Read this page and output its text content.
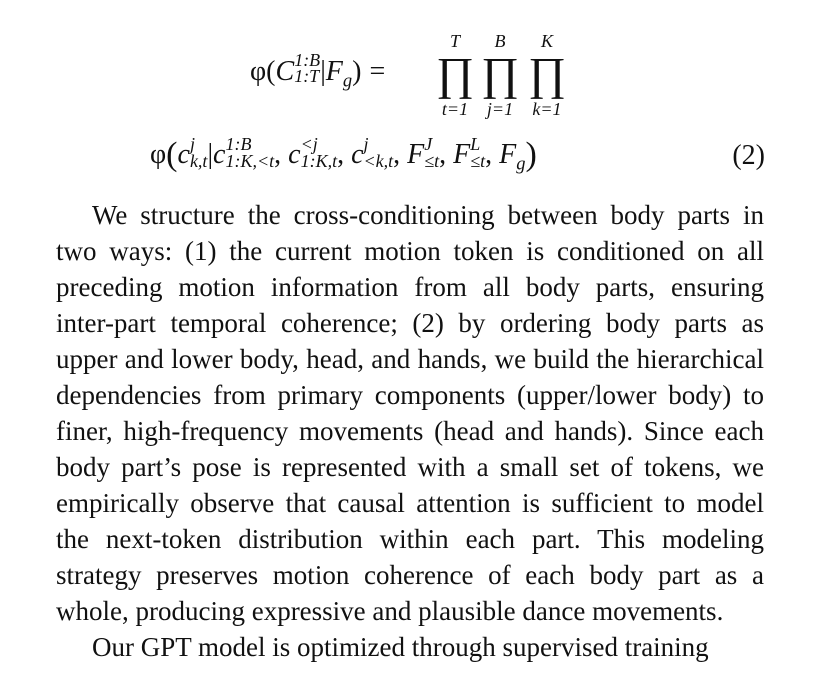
φ(C 1:B
1:T $|F_g$) =
T
∏
t=1
B
∏
j=1
K
∏
k=1
φ(c j
k,t |c 1:B
1:K,<t , c <j
1:K,t , c j
<k,t , F J
≤t , F L
≤t , $F_g$)	(2)

We structure the cross-conditioning between body parts in two ways: (1) the current motion token is conditioned on all preceding motion information from all body parts, ensuring inter-part temporal coherence; (2) by ordering body parts as upper and lower body, head, and hands, we build the hierarchical dependencies from primary components (upper/lower body) to finer, high-frequency movements (head and hands). Since each body part’s pose is represented with a small set of tokens, we empirically observe that causal attention is sufficient to model the next-token distribution within each part. This modeling strategy preserves motion coherence of each body part as a whole, producing expressive and plausible dance movements.

Our GPT model is optimized through supervised training
